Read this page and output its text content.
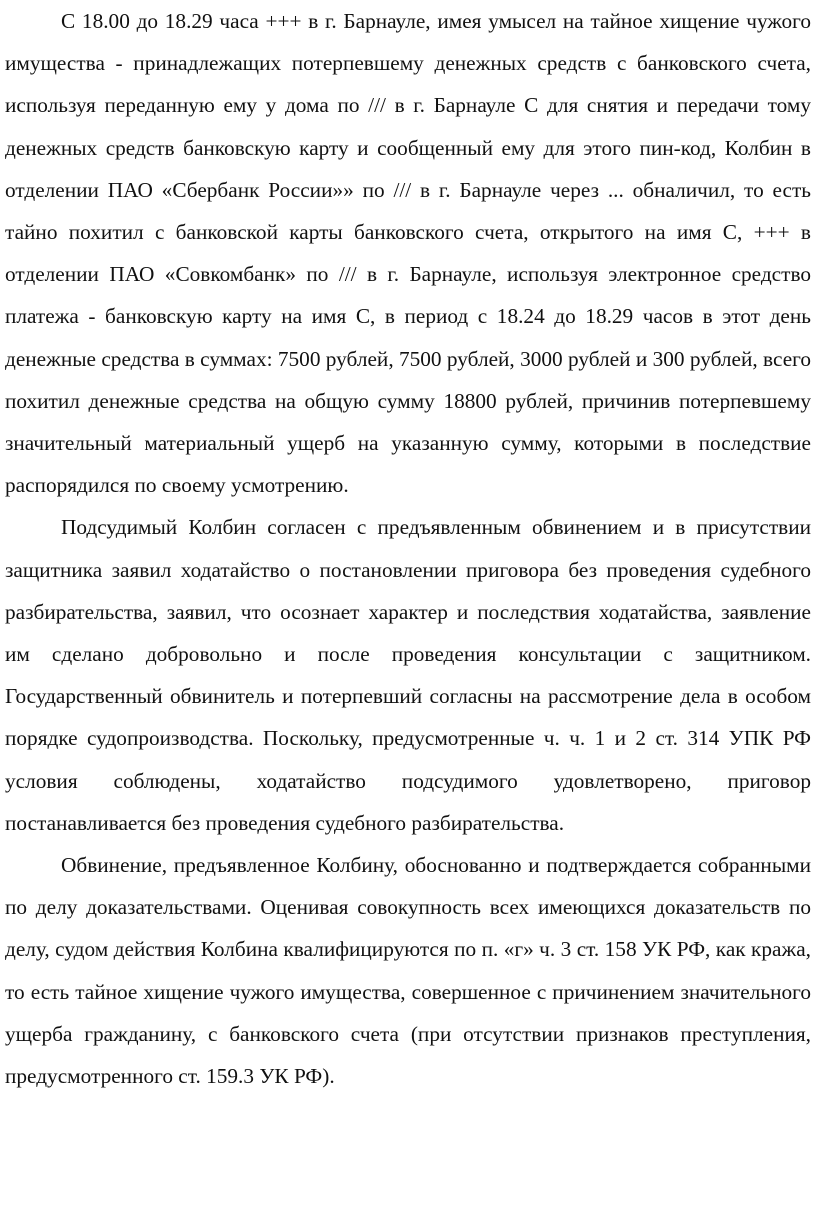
С 18.00 до 18.29 часа +++ в г. Барнауле, имея умысел на тайное хищение чужого имущества - принадлежащих потерпевшему денежных средств с банковского счета, используя переданную ему у дома по /// в г. Барнауле С для снятия и передачи тому денежных средств банковскую карту и сообщенный ему для этого пин-код, Колбин в отделении ПАО «Сбербанк России»» по /// в г. Барнауле через ... обналичил, то есть тайно похитил с банковской карты банковского счета, открытого на имя С, +++ в отделении ПАО «Совкомбанк» по /// в г. Барнауле, используя электронное средство платежа - банковскую карту на имя С, в период с 18.24 до 18.29 часов в этот день денежные средства в суммах: 7500 рублей, 7500 рублей, 3000 рублей и 300 рублей, всего похитил денежные средства на общую сумму 18800 рублей, причинив потерпевшему значительный материальный ущерб на указанную сумму, которыми в последствие распорядился по своему усмотрению.

Подсудимый Колбин согласен с предъявленным обвинением и в присутствии защитника заявил ходатайство о постановлении приговора без проведения судебного разбирательства, заявил, что осознает характер и последствия ходатайства, заявление им сделано добровольно и после проведения консультации с защитником. Государственный обвинитель и потерпевший согласны на рассмотрение дела в особом порядке судопроизводства. Поскольку, предусмотренные ч. ч. 1 и 2 ст. 314 УПК РФ условия соблюдены, ходатайство подсудимого удовлетворено, приговор постанавливается без проведения судебного разбирательства.

Обвинение, предъявленное Колбину, обоснованно и подтверждается собранными по делу доказательствами. Оценивая совокупность всех имеющихся доказательств по делу, судом действия Колбина квалифицируются по п. «г» ч. 3 ст. 158 УК РФ, как кража, то есть тайное хищение чужого имущества, совершенное с причинением значительного ущерба гражданину, с банковского счета (при отсутствии признаков преступления, предусмотренного ст. 159.3 УК РФ).
